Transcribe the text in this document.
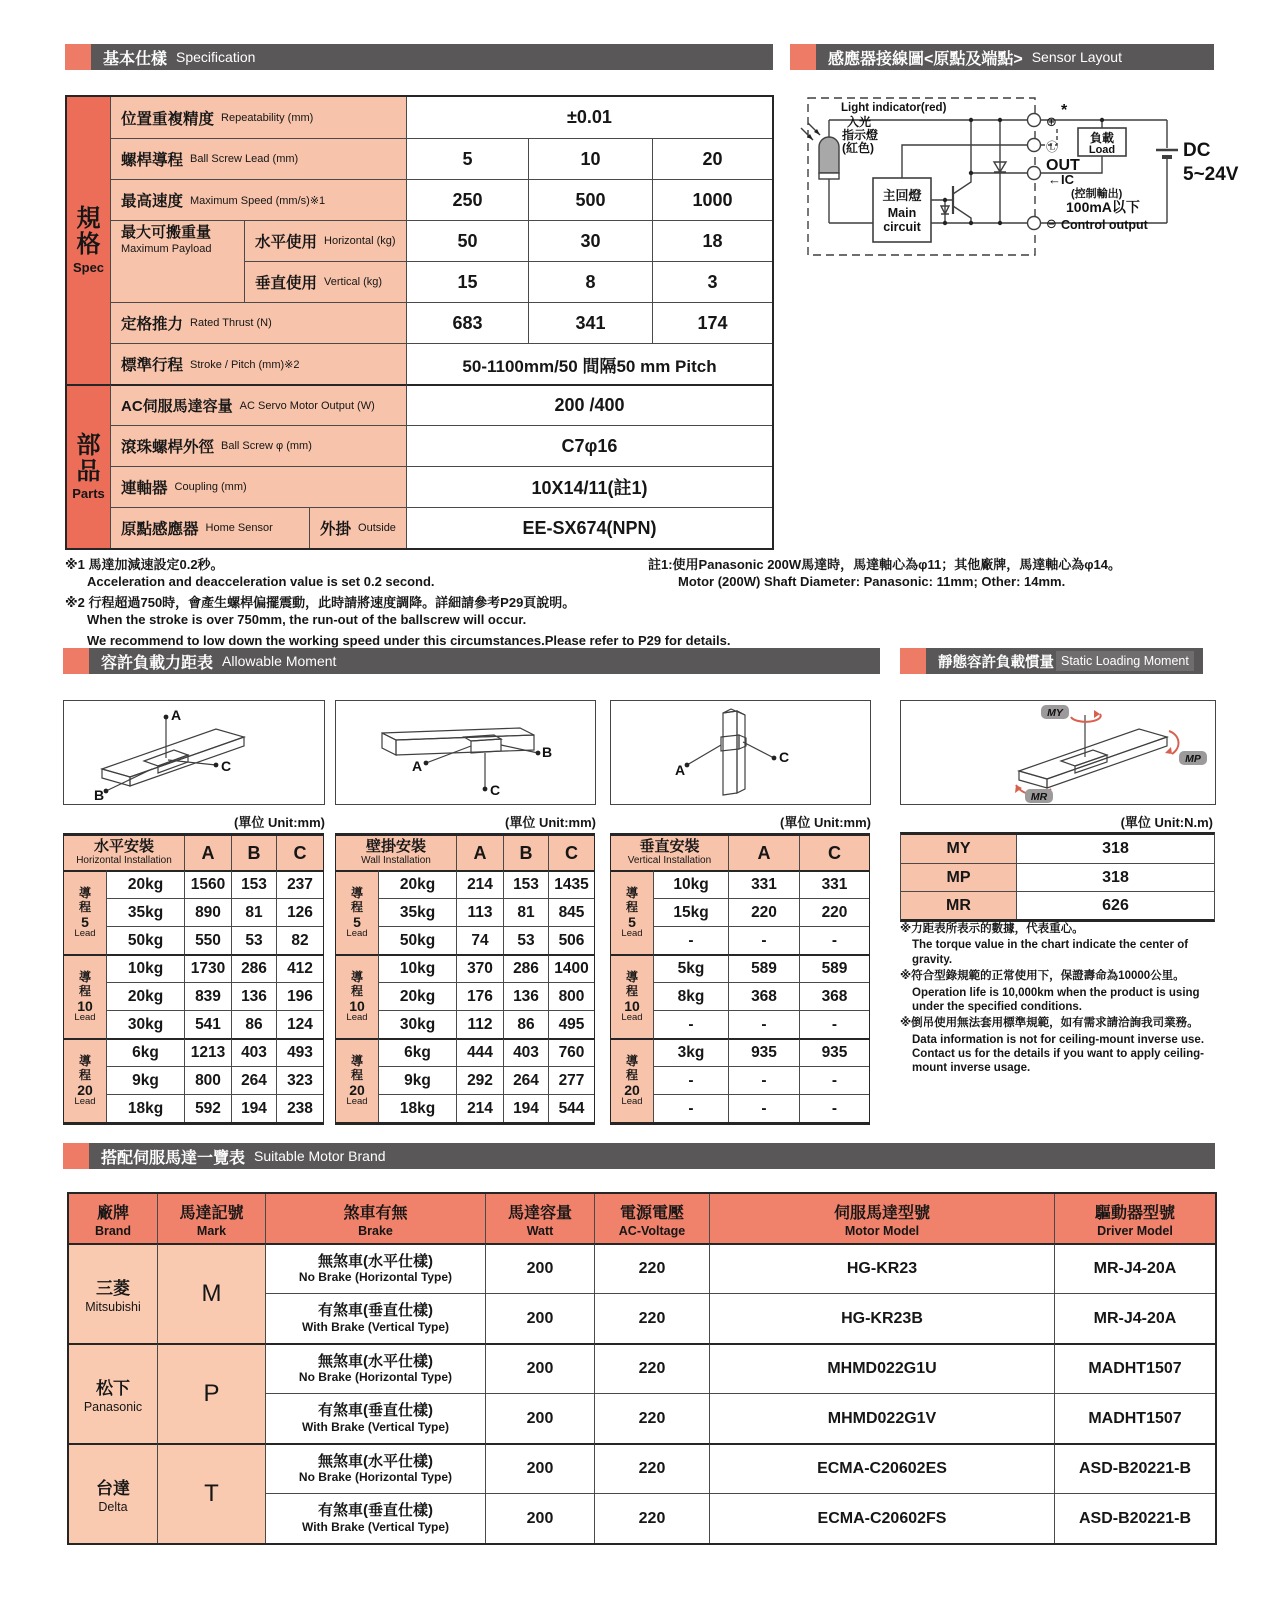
基本仕樣 Specification	感應器接線圖<原點及端點> Sensor Layout
規格
Spec
部品
Parts
位置重複精度 Repeatability (mm)	±0.01
螺桿導程 Ball Screw Lead (mm)	5	10	20
最高速度 Maximum Speed (mm/s)※1	250	500	1000
最大可搬重量
Maximum Payload	水平使用 Horizontal (kg)	50	30	18
垂直使用 Vertical (kg)	15	8	3
定格推力 Rated Thrust (N)	683	341	174
標準行程 Stroke / Pitch (mm)※2	50-1100mm/50 間隔50 mm Pitch
AC伺服馬達容量 AC Servo Motor Output (W)	200 /400
滾珠螺桿外徑 Ball Screw φ (mm)	C7φ16
連軸器 Coupling (mm)	10X14/11(註1)
原點感應器 Home Sensor	外掛 Outside	EE-SX674(NPN)
Light indicator(red)
入光
指示燈
(紅色)
主回燈
Main
circuit
⊕
*
Ⓛ
OUT
←IC
(控制輸出)
100mA以下
⊖ Control output
負載
Load	DC
5~24V
※1 馬達加減速設定0.2秒。
Acceleration and deacceleration value is set 0.2 second.
※2 行程超過750時，會產生螺桿偏擺震動，此時請將速度調降。詳細請參考P29頁說明。
When the stroke is over 750mm, the run-out of the ballscrew will occur.
We recommend to low down the working speed under this circumstances.Please refer to P29 for details.
註1:使用Panasonic 200W馬達時，馬達軸心為φ11；其他廠牌，馬達軸心為φ14。
Motor (200W) Shaft Diameter: Panasonic: 11mm; Other: 14mm.
容許負載力距表 Allowable Moment	靜態容許負載慣量 Static Loading Moment
A
C
B
A
B
C
A
C
MY
MP
MR
(單位 Unit:mm)	(單位 Unit:mm)	(單位 Unit:mm)	(單位 Unit:N.m)
水平安裝
Horizontal Installation	A	B	C
導程
5
Lead
20kg	1560	153	237
35kg	890	81	126
50kg	550	53	82
導程
10
Lead
10kg	1730	286	412
20kg	839	136	196
30kg	541	86	124
導程
20
Lead
6kg	1213	403	493
9kg	800	264	323
18kg	592	194	238
壁掛安裝
Wall Installation	A	B	C
導程
5
Lead
20kg	214	153 1435
35kg	113	81	845
50kg	74	53	506
導程
10
Lead
10kg	370	286 1400
20kg	176	136	800
30kg	112	86	495
導程
20
Lead
6kg	444	403	760
9kg	292	264	277
18kg	214	194	544
垂直安裝
Vertical Installation	A	C
導程
5
Lead
10kg	331	331
15kg	220	220
-	-	-
導程
10
Lead
5kg	589	589
8kg	368	368
-	-	-
導程
20
Lead
3kg	935	935
-	-	-
-	-	-
MY	318
MP	318
MR	626

※力距表所表示的數據，代表重心。

The torque value in the chart indicate the center of gravity.

※符合型錄規範的正常使用下，保證壽命為10000公里。

Operation life is 10,000km when the product is using under the specified conditions.

※倒吊使用無法套用標準規範，如有需求請洽詢我司業務。

Data information is not for ceiling-mount inverse use. Contact us for the details if you want to apply ceiling-mount inverse usage.

搭配伺服馬達一覽表 Suitable Motor Brand
廠牌
Brand
馬達記號
Mark
煞車有無
Brake
馬達容量
Watt
電源電壓
AC-Voltage
伺服馬達型號
Motor Model
驅動器型號
Driver Model
三菱
Mitsubishi	M
無煞車(水平仕樣)
No Brake (Horizontal Type)
200	220	HG-KR23	MR-J4-20A
有煞車(垂直仕樣)
With Brake (Vertical Type)
200	220	HG-KR23B	MR-J4-20A
松下
Panasonic	P
無煞車(水平仕樣)
No Brake (Horizontal Type)
200	220	MHMD022G1U	MADHT1507
有煞車(垂直仕樣)
With Brake (Vertical Type)
200	220	MHMD022G1V	MADHT1507
台達
Delta	T
無煞車(水平仕樣)
No Brake (Horizontal Type)
200	220	ECMA-C20602ES	ASD-B20221-B
有煞車(垂直仕樣)
With Brake (Vertical Type)
200	220	ECMA-C20602FS	ASD-B20221-B
